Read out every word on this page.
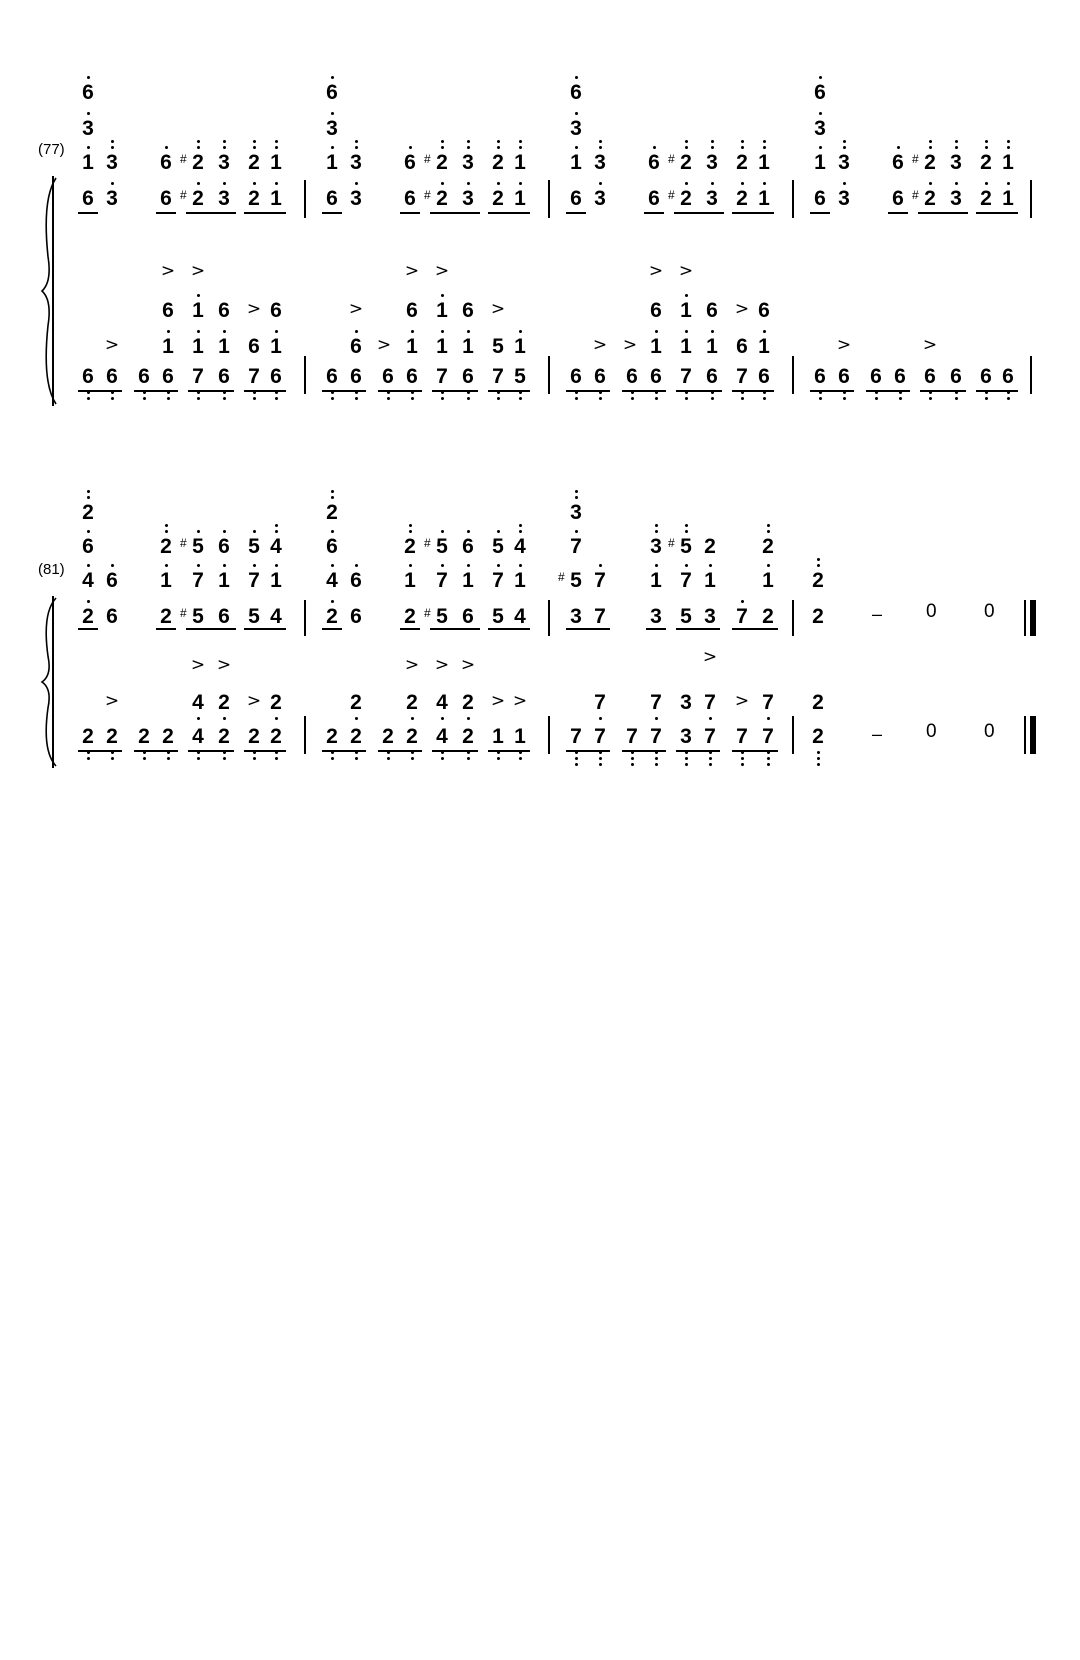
(77)
6
3
1 3 6 2
# 3 2 1
6 3 6 2
# 3 2 1
6 6 6 6 7 6 7 6
6
3
1 3 6 2
# 3 2 1
6 3 6 2
# 3 2 1
6 6 6 6 7 6 7 5
6
3
1 3 6 2
# 3 2 1
6 3 6 2
# 3 2 1
6 6 6 6 7 6 7 6
6
3
1 3 6 2
# 3 2 1
6 3 6 2
# 3 2 1
6 6 6 6 6 6 6 6
6 1 6
1 1 1
> >
6 1 6
1 1 1
> >
6 1 6
1 1 1
> >
6
6 1
>
>
6
>
>	5 1
>
> >
6
6 1
>
>	>
(81)
2
6
4 6
2 6
2 5
# 6 5 4
1 7 1 7 1
2 5
# 6 5 4
2
6
4 6
2 6
2 5
# 6 5 4
1 7 1 7 1
2 5
# 6 5 4
3
7
5
# 7
3 5
# 2 2
1 7 1 1
3 7 3 5 3 7 2
2
2	– 0 0
2 2 2 2 4 2 2 2 2 2 2 2 4 2 1 1 7 7 7 7 3 7 7 7
4 2 2	2 2 4 2	7 7 3 7 7
>
> >
>
> > >
> >
>
>	2
2	– 0 0
